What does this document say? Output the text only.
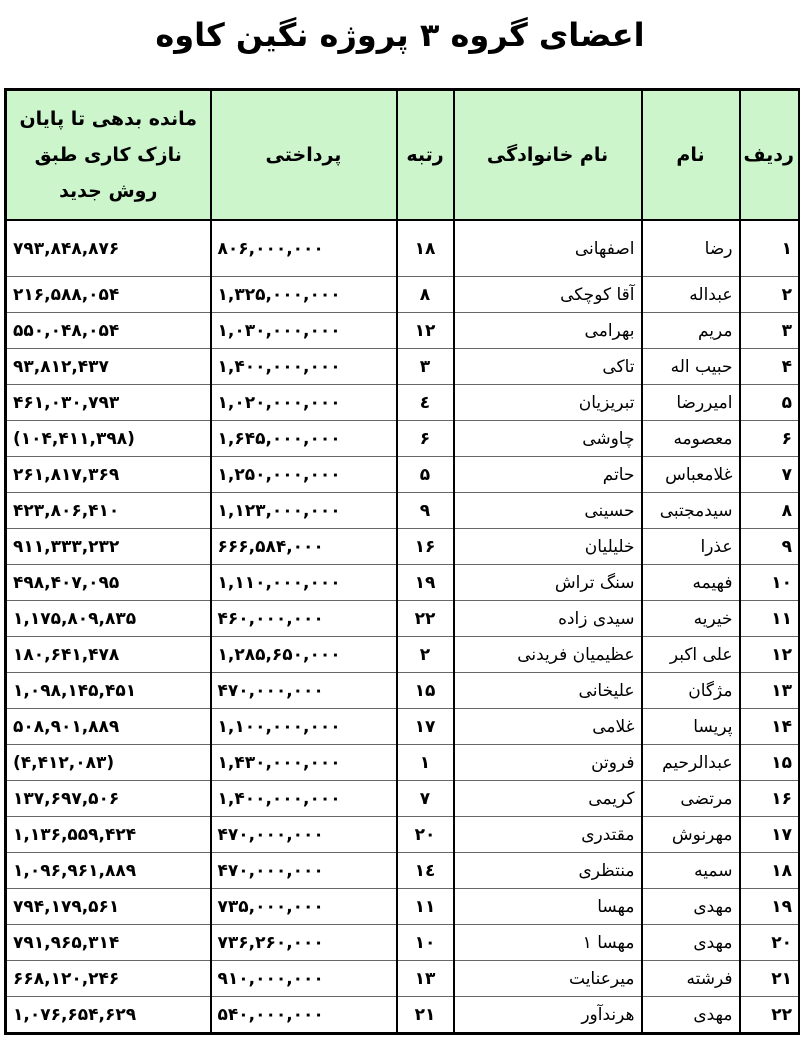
اعضای گروه ۳ پروژه نگین کاوه
ردیف	نام	نام خانوادگی	رتبه	پرداختی	مانده بدهی تا پایان
نازک کاری طبق
روش جدید

۱	رضا	اصفهانی	۱۸	۸۰۶,۰۰۰,۰۰۰	۷۹۳,۸۴۸,۸۷۶
۲	عبداله	آقا کوچکی	۸	۱,۳۲۵,۰۰۰,۰۰۰	۲۱۶,۵۸۸,۰۵۴
۳	مریم	بهرامی	۱۲	۱,۰۳۰,۰۰۰,۰۰۰	۵۵۰,۰۴۸,۰۵۴
۴	حبیب اله	تاکی	۳	۱,۴۰۰,۰۰۰,۰۰۰	۹۳,۸۱۲,۴۳۷
۵	امیررضا	تبریزیان	٤	۱,۰۲۰,۰۰۰,۰۰۰	۴۶۱,۰۳۰,۷۹۳
۶	معصومه	چاوشی	۶	۱,۶۴۵,۰۰۰,۰۰۰	(۱۰۴,۴۱۱,۳۹۸)
۷	غلامعباس	حاتم	۵	۱,۲۵۰,۰۰۰,۰۰۰	۲۶۱,۸۱۷,۳۶۹
۸	سیدمجتبی	حسینی	۹	۱,۱۲۳,۰۰۰,۰۰۰	۴۲۳,۸۰۶,۴۱۰
۹	عذرا	خلیلیان	۱۶	۶۶۶,۵۸۴,۰۰۰	۹۱۱,۳۳۳,۲۳۲
۱۰	فهیمه	سنگ تراش	۱۹	۱,۱۱۰,۰۰۰,۰۰۰	۴۹۸,۴۰۷,۰۹۵
۱۱	خیریه	سیدی زاده	۲۲	۴۶۰,۰۰۰,۰۰۰	۱,۱۷۵,۸۰۹,۸۳۵
۱۲	علی اکبر	عظیمیان فریدنی	۲	۱,۲۸۵,۶۵۰,۰۰۰	۱۸۰,۶۴۱,۴۷۸
۱۳	مژگان	علیخانی	۱۵	۴۷۰,۰۰۰,۰۰۰	۱,۰۹۸,۱۴۵,۴۵۱
۱۴	پریسا	غلامی	۱۷	۱,۱۰۰,۰۰۰,۰۰۰	۵۰۸,۹۰۱,۸۸۹
۱۵	عبدالرحیم	فروتن	۱	۱,۴۳۰,۰۰۰,۰۰۰	(۴,۴۱۲,۰۸۳)
۱۶	مرتضی	کریمی	۷	۱,۴۰۰,۰۰۰,۰۰۰	۱۳۷,۶۹۷,۵۰۶
۱۷	مهرنوش	مقتدری	۲۰	۴۷۰,۰۰۰,۰۰۰	۱,۱۳۶,۵۵۹,۴۲۴
۱۸	سمیه	منتظری	١٤	۴۷۰,۰۰۰,۰۰۰	۱,۰۹۶,۹۶۱,۸۸۹
۱۹	مهدی	مهسا	۱۱	۷۳۵,۰۰۰,۰۰۰	۷۹۴,۱۷۹,۵۶۱
۲۰	مهدی	مهسا ۱	۱۰	۷۳۶,۲۶۰,۰۰۰	۷۹۱,۹۶۵,۳۱۴
۲۱	فرشته	میرعنایت	۱۳	۹۱۰,۰۰۰,۰۰۰	۶۶۸,۱۲۰,۲۴۶
۲۲	مهدی	هرندآور	۲۱	۵۴۰,۰۰۰,۰۰۰	۱,۰۷۶,۶۵۴,۶۲۹
